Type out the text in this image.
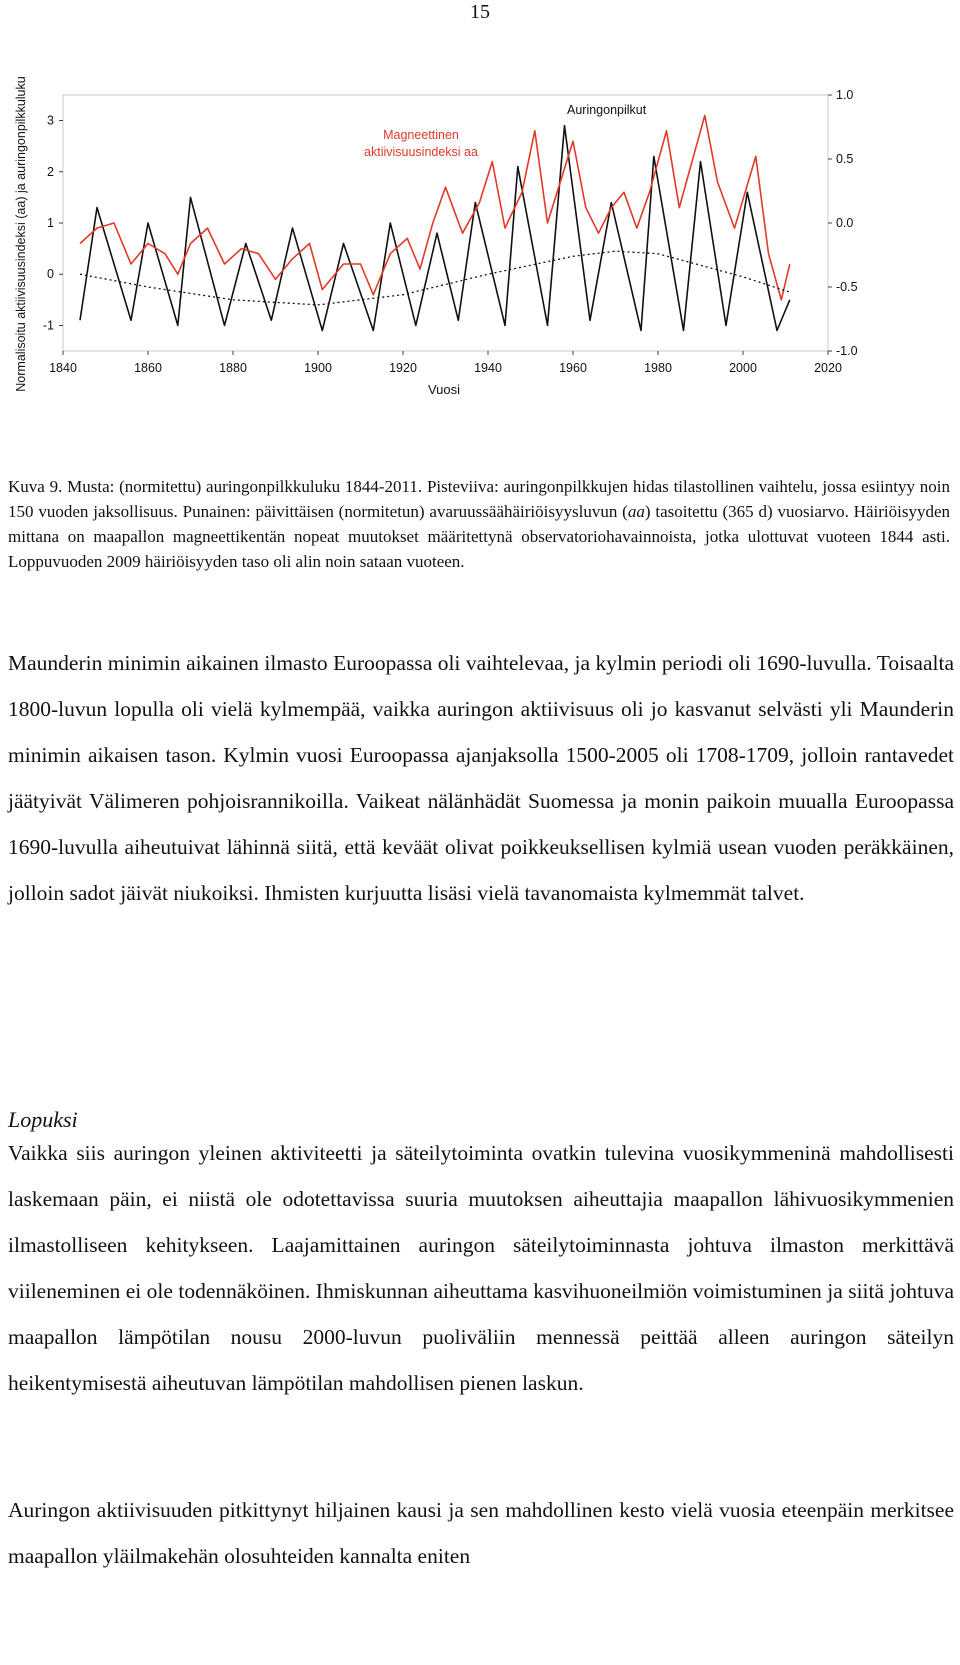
15
Normalisoitu aktiivisuusindeksi (aa) ja auringonpilkkuluku	Vuosi
1840	1860	1880	1900	1920	1940	1960	1980	2000	2020
3
2
1
0
-1
1.0
0.5
0.0
-0.5
-1.0
Auringonpilkut
Magneettinen
aktiivisuusindeksi aa

Kuva 9. Musta: (normitettu) auringonpilkkuluku 1844-2011. Pisteviiva: auringonpilkkujen hidas tilastollinen vaihtelu, jossa esiintyy noin 150 vuoden jaksollisuus. Punainen: päivittäisen (normitetun) avaruussäähäiriöisyysluvun (aa) tasoitettu (365 d) vuosiarvo. Häiriöisyyden mittana on maapallon magneettikentän nopeat muutokset määritettynä observatoriohavainnoista, jotka ulottuvat vuoteen 1844 asti. Loppuvuoden 2009 häiriöisyyden taso oli alin noin sataan vuoteen.

Maunderin minimin aikainen ilmasto Euroopassa oli vaihtelevaa, ja kylmin periodi oli 1690-luvulla. Toisaalta 1800-luvun lopulla oli vielä kylmempää, vaikka auringon aktiivisuus oli jo kasvanut selvästi yli Maunderin minimin aikaisen tason. Kylmin vuosi Euroopassa ajanjaksolla 1500-2005 oli 1708-1709, jolloin rantavedet jäätyivät Välimeren pohjoisrannikoilla. Vaikeat nälänhädät Suomessa ja monin paikoin muualla Euroopassa 1690-luvulla aiheutuivat lähinnä siitä, että keväät olivat poikkeuksellisen kylmiä usean vuoden peräkkäinen, jolloin sadot jäivät niukoiksi. Ihmisten kurjuutta lisäsi vielä tavanomaista kylmemmät talvet.

Lopuksi

Vaikka siis auringon yleinen aktiviteetti ja säteilytoiminta ovatkin tulevina vuosikymmeninä mahdollisesti laskemaan päin, ei niistä ole odotettavissa suuria muutoksen aiheuttajia maapallon lähivuosikymmenien ilmastolliseen kehitykseen. Laajamittainen auringon säteilytoiminnasta johtuva ilmaston merkittävä viileneminen ei ole todennäköinen. Ihmiskunnan aiheuttama kasvihuoneilmiön voimistuminen ja siitä johtuva maapallon lämpötilan nousu 2000-luvun puoliväliin mennessä peittää alleen auringon säteilyn heikentymisestä aiheutuvan lämpötilan mahdollisen pienen laskun.

Auringon aktiivisuuden pitkittynyt hiljainen kausi ja sen mahdollinen kesto vielä vuosia eteenpäin merkitsee maapallon yläilmakehän olosuhteiden kannalta eniten
